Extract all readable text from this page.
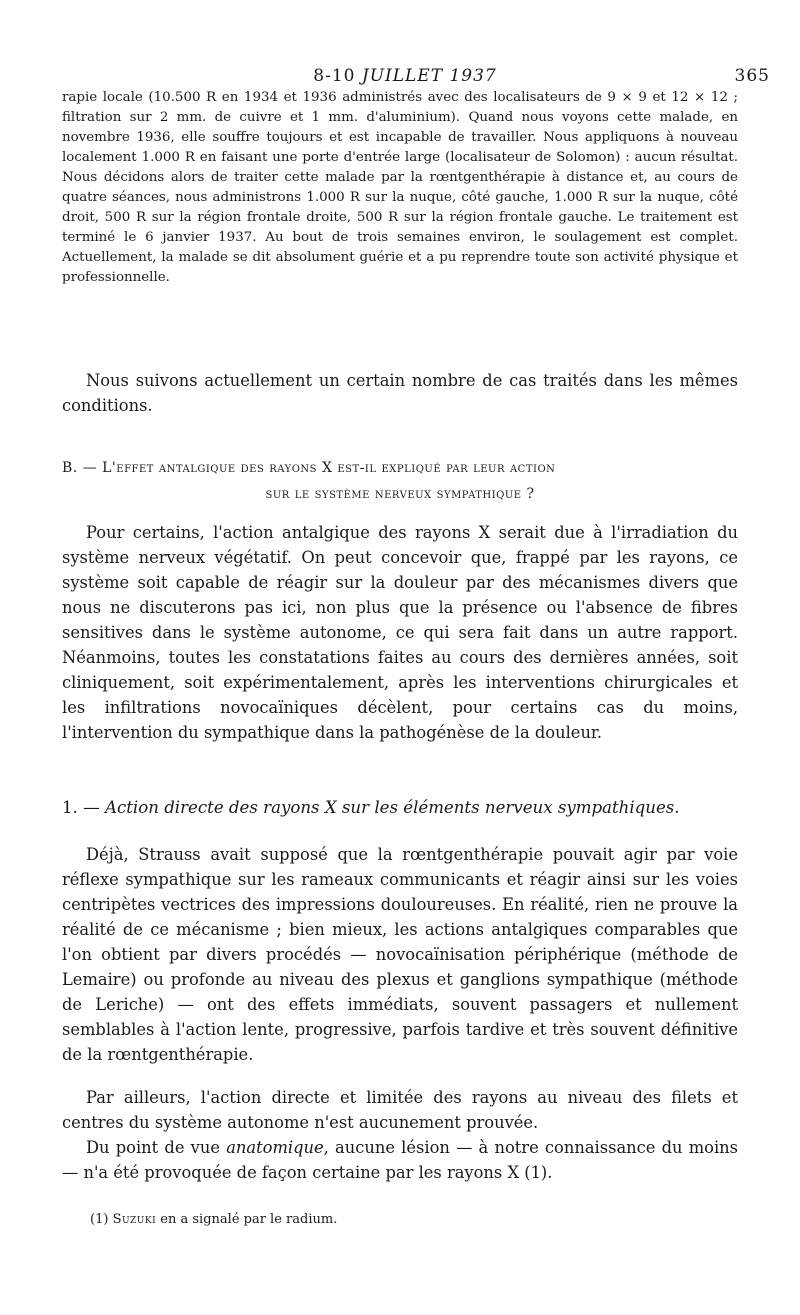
8-10 JUILLET 1937	365

rapie locale (10.500 R en 1934 et 1936 administrés avec des localisateurs de 9 × 9 et 12 × 12 ; filtration sur 2 mm. de cuivre et 1 mm. d'aluminium). Quand nous voyons cette malade, en novembre 1936, elle souffre toujours et est incapable de travailler. Nous appliquons à nouveau localement 1.000 R en faisant une porte d'entrée large (localisateur de Solomon) : aucun résultat. Nous décidons alors de traiter cette malade par la rœntgenthérapie à distance et, au cours de quatre séances, nous administrons 1.000 R sur la nuque, côté gauche, 1.000 R sur la nuque, côté droit, 500 R sur la région frontale droite, 500 R sur la région frontale gauche. Le traitement est terminé le 6 janvier 1937. Au bout de trois semaines environ, le soulagement est complet. Actuellement, la malade se dit absolument guérie et a pu reprendre toute son activité physique et professionnelle.

Nous suivons actuellement un certain nombre de cas traités dans les mêmes conditions.

B. — L'effet antalgique des rayons X est-il expliqué par leur action
sur le système nerveux sympathique ?

Pour certains, l'action antalgique des rayons X serait due à l'irradiation du système nerveux végétatif. On peut concevoir que, frappé par les rayons, ce système soit capable de réagir sur la douleur par des mécanismes divers que nous ne discuterons pas ici, non plus que la présence ou l'absence de fibres sensitives dans le système autonome, ce qui sera fait dans un autre rapport. Néanmoins, toutes les constatations faites au cours des dernières années, soit cliniquement, soit expérimentalement, après les interventions chirurgicales et les infiltrations novocaïniques décèlent, pour certains cas du moins, l'intervention du sympathique dans la pathogénèse de la douleur.

1. — Action directe des rayons X sur les éléments nerveux sympathiques.

Déjà, Strauss avait supposé que la rœntgenthérapie pouvait agir par voie réflexe sympathique sur les rameaux communicants et réagir ainsi sur les voies centripètes vectrices des impressions douloureuses. En réalité, rien ne prouve la réalité de ce mécanisme ; bien mieux, les actions antalgiques comparables que l'on obtient par divers procédés — novocaïnisation périphérique (méthode de Lemaire) ou profonde au niveau des plexus et ganglions sympathique (méthode de Leriche) — ont des effets immédiats, souvent passagers et nullement semblables à l'action lente, progressive, parfois tardive et très souvent définitive de la rœntgenthérapie.

Par ailleurs, l'action directe et limitée des rayons au niveau des filets et centres du système autonome n'est aucunement prouvée.

Du point de vue anatomique, aucune lésion — à notre connaissance du moins — n'a été provoquée de façon certaine par les rayons X (1).

(1) Suzuki en a signalé par le radium.
